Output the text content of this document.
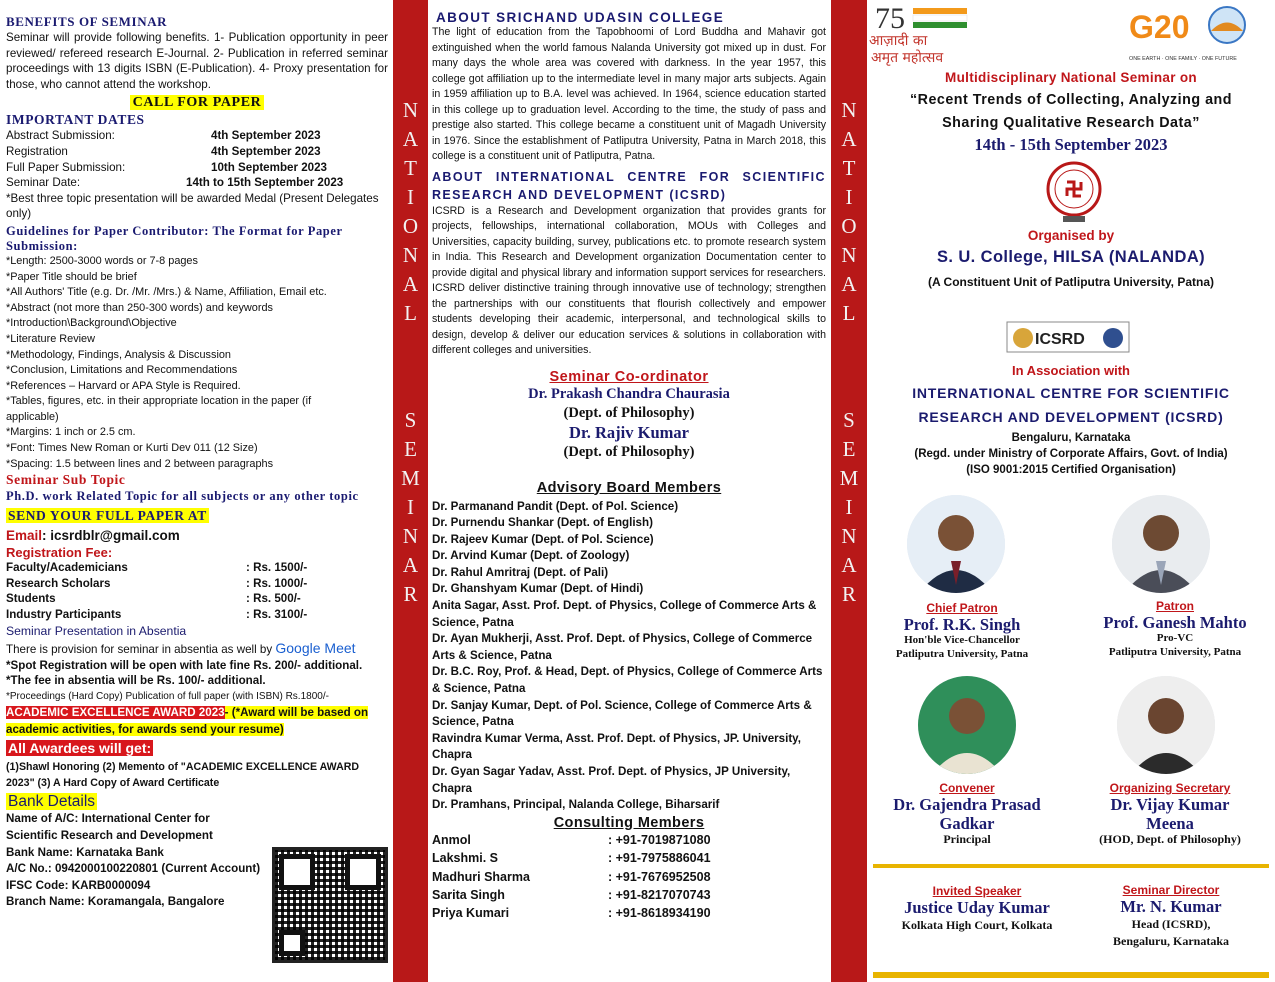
BENEFITS OF SEMINAR
Seminar will provide following benefits. 1- Publication opportunity in peer reviewed/ refereed research E-Journal. 2- Publication in referred seminar proceedings with 13 digits ISBN (E-Publication). 4- Proxy presentation for those, who cannot attend the workshop.
CALL FOR PAPER
IMPORTANT DATES
Abstract Submission:	4th September 2023
Registration	4th September 2023
Full Paper Submission:	10th September 2023
Seminar Date:	14th to 15th September 2023
*Best three topic presentation will be awarded Medal (Present Delegates only)
Guidelines for Paper Contributor: The Format for Paper Submission:
*Length: 2500-3000 words or 7-8 pages
*Paper Title should be brief
*All Authors' Title (e.g. Dr. /Mr. /Mrs.) & Name, Affiliation, Email etc.
*Abstract (not more than 250-300 words) and keywords
*Introduction\Background\Objective
*Literature Review
*Methodology, Findings, Analysis & Discussion
*Conclusion, Limitations and Recommendations
*References – Harvard or APA Style is Required.
*Tables, figures, etc. in their appropriate location in the paper (if applicable)
*Margins: 1 inch or 2.5 cm.
*Font: Times New Roman or Kurti Dev 011 (12 Size)
*Spacing: 1.5 between lines and 2 between paragraphs
Seminar Sub Topic
Ph.D. work Related Topic for all subjects or any other topic
SEND YOUR FULL PAPER AT
Email: icsrdblr@gmail.com
Registration Fee:
Faculty/Academicians	: Rs. 1500/-
Research Scholars	: Rs. 1000/-
Students	: Rs. 500/-
Industry Participants	: Rs. 3100/-
Seminar Presentation in Absentia
There is provision for seminar in absentia as well by Google Meet
*Spot Registration will be open with late fine Rs. 200/- additional.
*The fee in absentia will be Rs. 100/- additional.
*Proceedings (Hard Copy) Publication of full paper (with ISBN) Rs.1800/-
ACADEMIC EXCELLENCE AWARD 2023- (*Award will be based on academic activities, for awards send your resume)
All Awardees will get:
(1)Shawl Honoring (2) Memento of "ACADEMIC EXCELLENCE AWARD 2023" (3) A Hard Copy of Award Certificate
Bank Details
Name of A/C: International Center for
Scientific Research and Development
Bank Name: Karnataka Bank
A/C No.: 0942000100220801 (Current Account)
IFSC Code: KARB0000094
Branch Name: Koramangala, Bangalore
N
A
T
I
O
N
A
L
S
E
M
I
N
A
R
N
A
T
I
O
N
A
L
S
E
M
I
N
A
R
ABOUT SRICHAND UDASIN COLLEGE

The light of education from the Tapobhoomi of Lord Buddha and Mahavir got extinguished when the world famous Nalanda University got mixed up in dust. For many days the whole area was covered with darkness. In the year 1957, this college got affiliation up to the intermediate level in many major arts subjects. Again in 1959 affiliation up to B.A. level was achieved. In 1964, science education started in this college up to graduation level. According to the time, the study of pass and prestige also started. This college became a constituent unit of Magadh University in 1976. Since the establishment of Patliputra University, Patna in March 2018, this college is a constituent unit of Patliputra, Patna.

ABOUT INTERNATIONAL CENTRE FOR SCIENTIFIC RESEARCH AND DEVELOPMENT (ICSRD)

ICSRD is a Research and Development organization that provides grants for projects, fellowships, international collaboration, MOUs with Colleges and Universities, capacity building, survey, publications etc. to promote research system in India. This Research and Development organization Documentation center to provide digital and physical library and information support services for researchers. ICSRD deliver distinctive training through innovative use of technology; strengthen the partnerships with our constituents that flourish collectively and empower students developing their academic, interpersonal, and technological skills to design, develop & deliver our education services & solutions in collaboration with different colleges and universities.

Seminar Co-ordinator
Dr. Prakash Chandra Chaurasia
(Dept. of Philosophy)
Dr. Rajiv Kumar
(Dept. of Philosophy)
Advisory Board Members
Dr. Parmanand Pandit (Dept. of Pol. Science)
Dr. Purnendu Shankar (Dept. of English)
Dr. Rajeev Kumar (Dept. of Pol. Science)
Dr. Arvind Kumar (Dept. of Zoology)
Dr. Rahul Amritraj (Dept. of Pali)
Dr. Ghanshyam Kumar (Dept. of Hindi)
Anita Sagar, Asst. Prof. Dept. of Physics, College of Commerce Arts & Science, Patna
Dr. Ayan Mukherji, Asst. Prof. Dept. of Physics, College of Commerce Arts & Science, Patna
Dr. B.C. Roy, Prof. & Head, Dept. of Physics, College of Commerce Arts & Science, Patna
Dr. Sanjay Kumar, Dept. of Pol. Science, College of Commerce Arts & Science, Patna
Ravindra Kumar Verma, Asst. Prof. Dept. of Physics, JP. University, Chapra
Dr. Gyan Sagar Yadav, Asst. Prof. Dept. of Physics, JP University, Chapra
Dr. Pramhans, Principal, Nalanda College, Biharsarif
Consulting Members
Anmol	: +91-7019871080
Lakshmi. S	: +91-7975886041
Madhuri Sharma	: +91-7676952508
Sarita Singh	: +91-8217070743
Priya Kumari	: +91-8618934190
75
आज़ादी का
अमृत महोत्सव
G20
ONE EARTH · ONE FAMILY · ONE FUTURE
Multidisciplinary National Seminar on
“Recent Trends of Collecting, Analyzing and
Sharing Qualitative Research Data”
14th - 15th September 2023
Organised by
S. U. College, HILSA (NALANDA)
(A Constituent Unit of Patliputra University, Patna)
ICSRD
In Association with
INTERNATIONAL CENTRE FOR SCIENTIFIC
RESEARCH AND DEVELOPMENT (ICSRD)
Bengaluru, Karnataka
(Regd. under Ministry of Corporate Affairs, Govt. of India)
(ISO 9001:2015 Certified Organisation)
Chief Patron
Prof. R.K. Singh
Hon'ble Vice-Chancellor
Patliputra University, Patna
Patron
Prof. Ganesh Mahto
Pro-VC
Patliputra University, Patna
Convener
Dr. Gajendra Prasad
Gadkar
Principal
Organizing Secretary
Dr. Vijay Kumar
Meena
(HOD, Dept. of Philosophy)
Invited Speaker
Justice Uday Kumar
Kolkata High Court, Kolkata
Seminar Director
Mr. N. Kumar
Head (ICSRD),
Bengaluru, Karnataka
